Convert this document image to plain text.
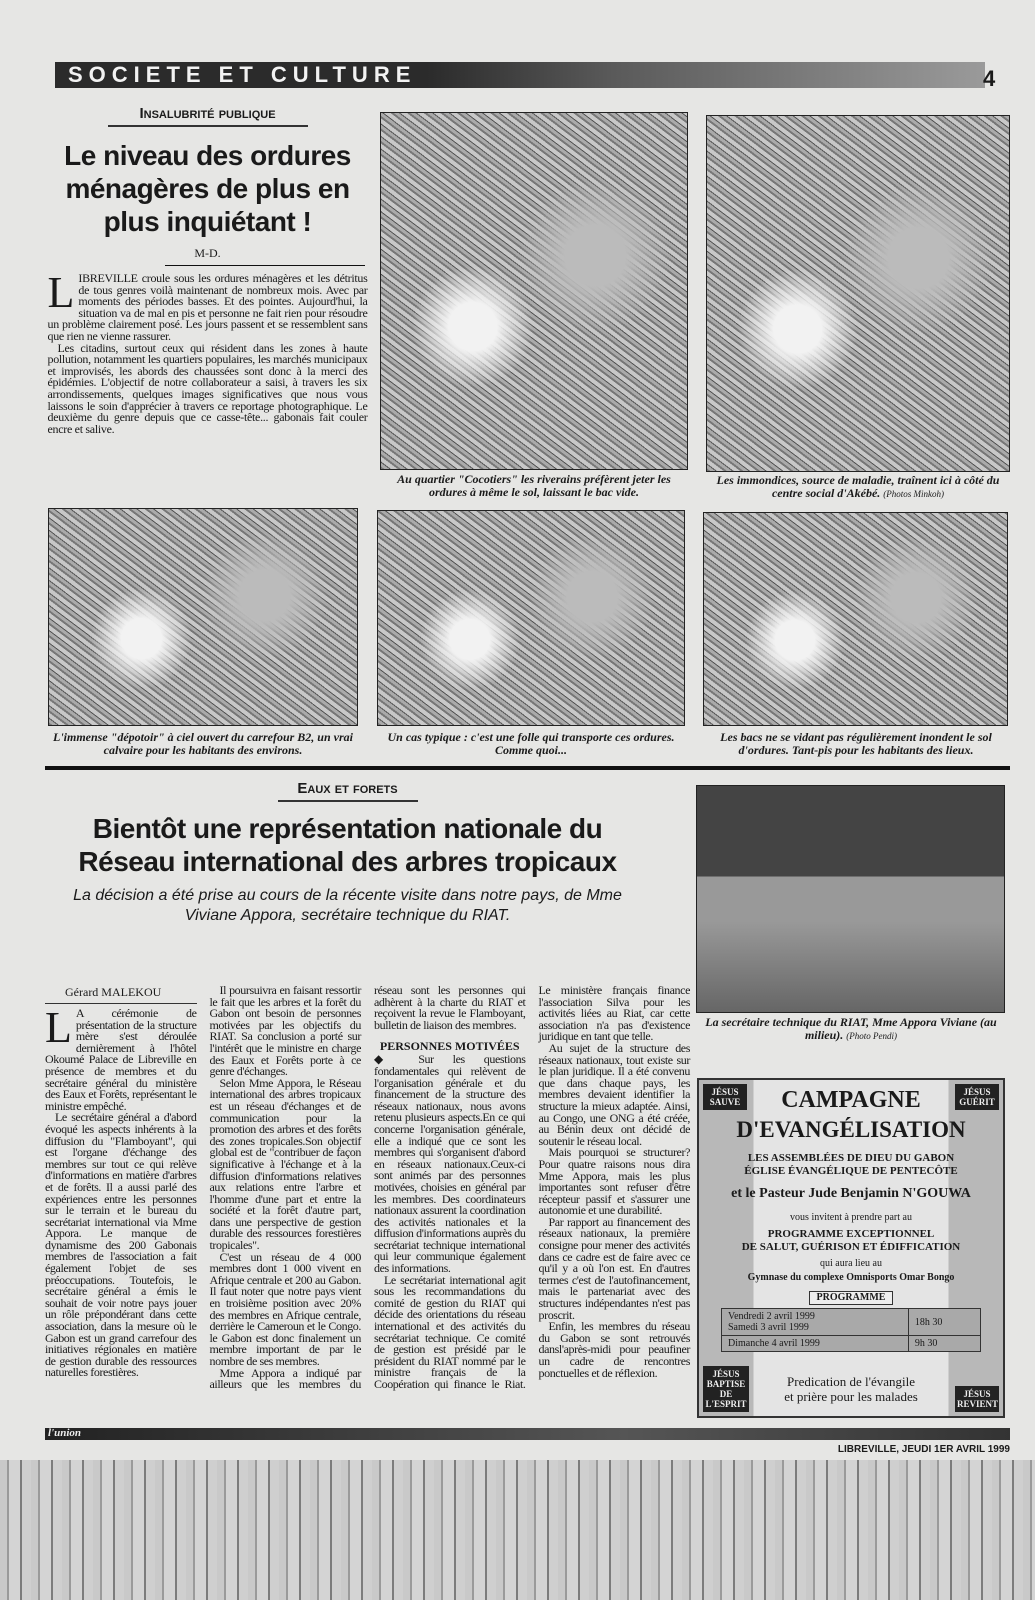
SOCIETE ET CULTURE	4
Insalubrité publique
Le niveau des ordures ménagères de plus en plus inquiétant !
M-D.
L IBREVILLE croule sous les ordures ménagères et les détritus de tous genres voilà maintenant de nombreux mois. Avec par moments des périodes basses. Et des pointes. Aujourd'hui, la situation va de mal en pis et personne ne fait rien pour résoudre un problème clairement posé. Les jours passent et se ressemblent sans que rien ne vienne rassurer.

Les citadins, surtout ceux qui résident dans les zones à haute pollution, notamment les quartiers populaires, les marchés municipaux et improvisés, les abords des chaussées sont donc à la merci des épidémies. L'objectif de notre collaborateur a saisi, à travers les six arrondissements, quelques images significatives que nous vous laissons le soin d'apprécier à travers ce reportage photographique. Le deuxième du genre depuis que ce casse-tête... gabonais fait couler encre et salive.

Au quartier "Cocotiers" les riverains préfèrent jeter les ordures à même le sol, laissant le bac vide.
Les immondices, source de maladie, traînent ici à côté du centre social d'Akébé. (Photos Minkoh)
L'immense "dépotoir" à ciel ouvert du carrefour B2, un vrai calvaire pour les habitants des environs.
Un cas typique : c'est une folle qui transporte ces ordures. Comme quoi...
Les bacs ne se vidant pas régulièrement inondent le sol d'ordures. Tant-pis pour les habitants des lieux.
Eaux et forets
Bientôt une représentation nationale du Réseau international des arbres tropicaux
La décision a été prise au cours de la récente visite dans notre pays, de Mme Viviane Appora, secrétaire technique du RIAT.
La secrétaire technique du RIAT, Mme Appora Viviane (au milieu). (Photo Pendi)
Gérard MALEKOU
L A cérémonie de présentation de la structure mère s'est déroulée dernièrement à l'hôtel Okoumé Palace de Libreville en présence de membres et du secrétaire général du ministère des Eaux et Forêts, représentant le ministre empêché.

Le secrétaire général a d'abord évoqué les aspects inhérents à la diffusion du "Flamboyant", qui est l'organe d'échange des membres sur tout ce qui relève d'informations en matière d'arbres et de forêts. Il a aussi parlé des expériences entre les personnes sur le terrain et le bureau du secrétariat international via Mme Appora. Le manque de dynamisme des 200 Gabonais membres de l'association a fait également l'objet de ses préoccupations. Toutefois, le secrétaire général a émis le souhait de voir notre pays jouer un rôle prépondérant dans cette association, dans la mesure où le Gabon est un grand carrefour des initiatives régionales en matière de gestion durable des ressources naturelles forestières.

Il poursuivra en faisant ressortir le fait que les arbres et la forêt du Gabon ont besoin de personnes motivées par les objectifs du RIAT. Sa conclusion a porté sur l'intérêt que le ministre en charge des Eaux et Forêts porte à ce genre d'échanges.

Selon Mme Appora, le Réseau international des arbres tropicaux est un réseau d'échanges et de communication pour la promotion des arbres et des forêts des zones tropicales.Son objectif global est de "contribuer de façon significative à l'échange et à la diffusion d'informations relatives aux relations entre l'arbre et l'homme d'une part et entre la société et la forêt d'autre part, dans une perspective de gestion durable des ressources forestières tropicales".

C'est un réseau de 4 000 membres dont 1 000 vivent en Afrique centrale et 200 au Gabon. Il faut noter que notre pays vient en troisième position avec 20% des membres en Afrique centrale, derrière le Cameroun et le Congo. le Gabon est donc finalement un membre important de par le nombre de ses membres.

Mme Appora a indiqué par ailleurs que les membres du réseau sont les personnes qui adhèrent à la charte du RIAT et reçoivent la revue le Flamboyant, bulletin de liaison des membres.

PERSONNES MOTIVÉES

◆ Sur les questions fondamentales qui relèvent de l'organisation générale et du financement de la structure des réseaux nationaux, nous avons retenu plusieurs aspects.En ce qui concerne l'organisation générale, elle a indiqué que ce sont les membres qui s'organisent d'abord en réseaux nationaux.Ceux-ci sont animés par des personnes motivées, choisies en général par les membres. Des coordinateurs nationaux assurent la coordination des activités nationales et la diffusion d'informations auprès du secrétariat technique international qui leur communique également des informations.

Le secrétariat international agit sous les recommandations du comité de gestion du RIAT qui décide des orientations du réseau international et des activités du secrétariat technique. Ce comité de gestion est présidé par le président du RIAT nommé par le ministre français de la Coopération qui finance le Riat. Le ministère français finance l'association Silva pour les activités liées au Riat, car cette association n'a pas d'existence juridique en tant que telle.

Au sujet de la structure des réseaux nationaux, tout existe sur le plan juridique. Il a été convenu que dans chaque pays, les membres devaient identifier la structure la mieux adaptée. Ainsi, au Congo, une ONG a été créée, au Bénin deux ont décidé de soutenir le réseau local.

Mais pourquoi se structurer? Pour quatre raisons nous dira Mme Appora, mais les plus importantes sont refuser d'être récepteur passif et s'assurer une autonomie et une durabilité.

Par rapport au financement des réseaux nationaux, la première consigne pour mener des activités dans ce cadre est de faire avec ce qu'il y a où l'on est. En d'autres termes c'est de l'autofinancement, mais le partenariat avec des structures indépendantes n'est pas proscrit.

Enfin, les membres du réseau du Gabon se sont retrouvés dansl'après-midi pour peaufiner un cadre de rencontres ponctuelles et de réflexion.

JÉSUS SAUVE
JÉSUS GUÉRIT
JÉSUS BAPTISE DE L'ESPRIT
JÉSUS REVIENT
CAMPAGNE
D'EVANGÉLISATION
LES ASSEMBLÉES DE DIEU DU GABON
ÉGLISE ÉVANGÉLIQUE DE PENTECÔTE
et le Pasteur Jude Benjamin N'GOUWA
vous invitent à prendre part au
PROGRAMME EXCEPTIONNEL
DE SALUT, GUÉRISON ET ÉDIFFICATION
qui aura lieu au
Gymnase du complexe Omnisports Omar Bongo
PROGRAMME
Vendredi 2 avril 1999
Samedi 3 avril 1999	18h 30
Dimanche 4 avril 1999	9h 30
Predication de l'évangile
et prière pour les malades
l'union
LIBREVILLE, JEUDI 1ER AVRIL 1999
